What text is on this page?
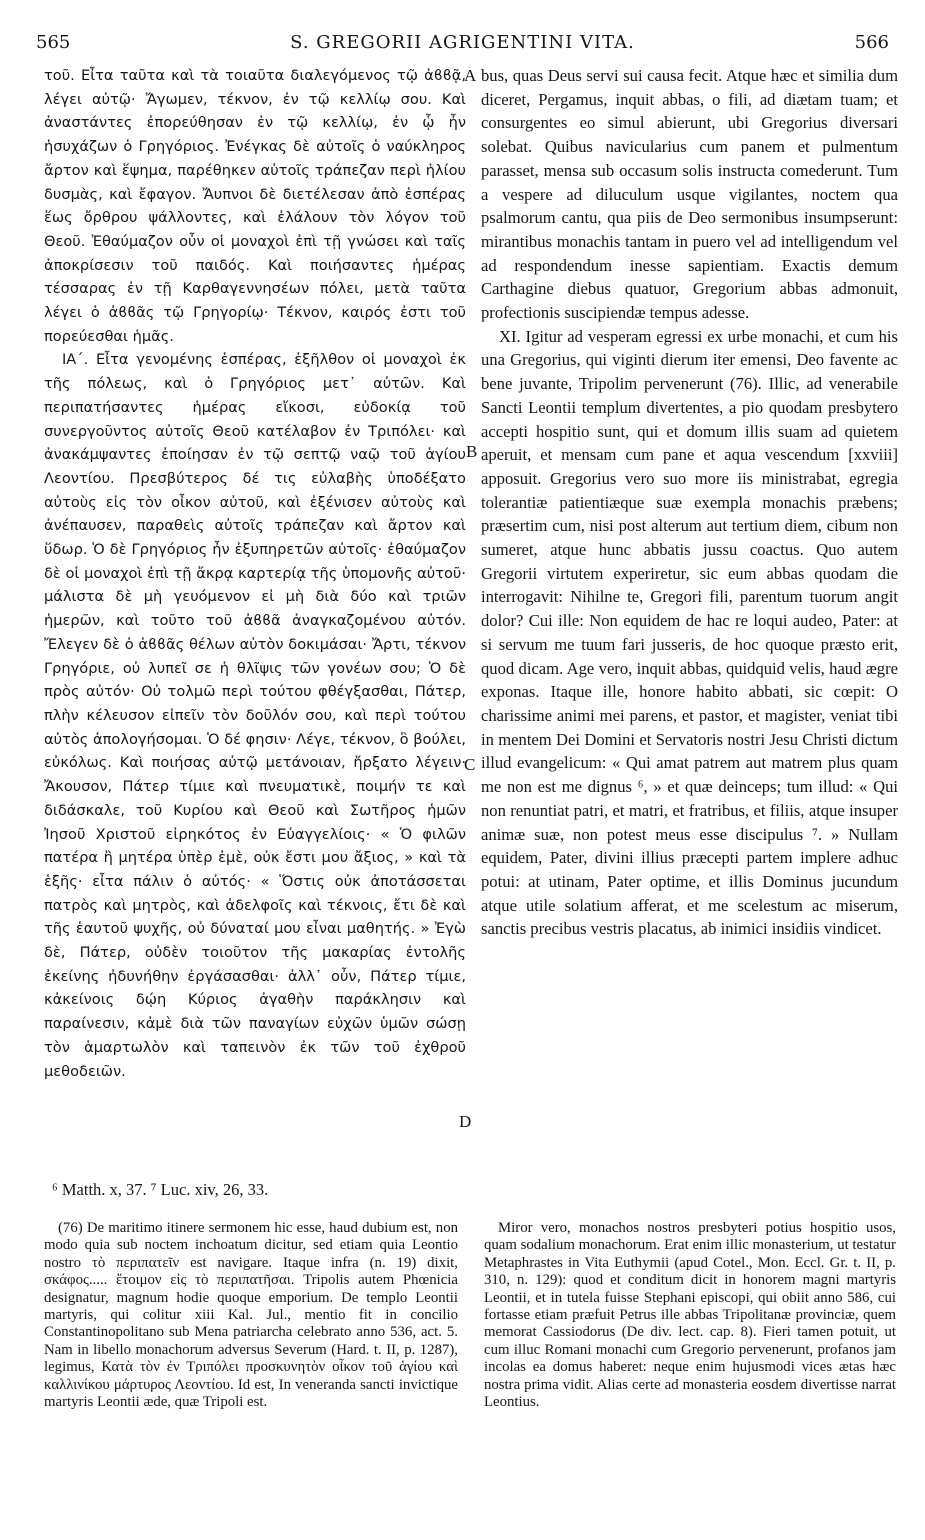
565	S. GREGORII AGRIGENTINI VITA.	566

τοῦ. Εἶτα ταῦτα καὶ τὰ τοιαῦτα διαλεγόμενος τῷ ἀϐϐᾷ, λέγει αὐτῷ· Ἄγωμεν, τέκνον, ἐν τῷ κελλίῳ σου. Καὶ ἀναστάντες ἐπορεύθησαν ἐν τῷ κελλίῳ, ἐν ᾧ ἦν ἡσυχάζων ὁ Γρηγόριος. Ἐνέγκας δὲ αὐτοῖς ὁ ναύκληρος ἄρτον καὶ ἕψημα, παρέθηκεν αὐτοῖς τράπεζαν περὶ ἡλίου δυσμὰς, καὶ ἔφαγον. Ἄυπνοι δὲ διετέλεσαν ἀπὸ ἑσπέρας ἕως ὄρθρου ψάλλοντες, καὶ ἐλάλουν τὸν λόγον τοῦ Θεοῦ. Ἐθαύμαζον οὖν οἱ μοναχοὶ ἐπὶ τῇ γνώσει καὶ ταῖς ἀποκρίσεσιν τοῦ παιδός. Καὶ ποιήσαντες ἡμέρας τέσσαρας ἐν τῇ Καρθαγεννησέων πόλει, μετὰ ταῦτα λέγει ὁ ἀϐϐᾶς τῷ Γρηγορίῳ· Τέκνον, καιρός ἐστι τοῦ πορεύεσθαι ἡμᾶς.

ΙΑ΄. Εἶτα γενομένης ἑσπέρας, ἐξῆλθον οἱ μοναχοὶ ἐκ τῆς πόλεως, καὶ ὁ Γρηγόριος μετ᾽ αὐτῶν. Καὶ περιπατήσαντες ἡμέρας εἴκοσι, εὐδοκίᾳ τοῦ συνεργοῦντος αὐτοῖς Θεοῦ κατέλαβον ἐν Τριπόλει· καὶ ἀνακάμψαντες ἐποίησαν ἐν τῷ σεπτῷ ναῷ τοῦ ἁγίου Λεοντίου. Πρεσβύτερος δέ τις εὐλαβὴς ὑποδέξατο αὐτοὺς εἰς τὸν οἶκον αὐτοῦ, καὶ ἐξένισεν αὐτοὺς καὶ ἀνέπαυσεν, παραθεὶς αὐτοῖς τράπεζαν καὶ ἄρτον καὶ ὕδωρ. Ὁ δὲ Γρηγόριος ἦν ἐξυπηρετῶν αὐτοῖς· ἐθαύμαζον δὲ οἱ μοναχοὶ ἐπὶ τῇ ἄκρᾳ καρτερίᾳ τῆς ὑπομονῆς αὐτοῦ· μάλιστα δὲ μὴ γευόμενον εἰ μὴ διὰ δύο καὶ τριῶν ἡμερῶν, καὶ τοῦτο τοῦ ἀϐϐᾶ ἀναγκαζομένου αὐτόν. Ἔλεγεν δὲ ὁ ἀϐϐᾶς θέλων αὐτὸν δοκιμάσαι· Ἄρτι, τέκνον Γρηγόριε, οὐ λυπεῖ σε ἡ θλῖψις τῶν γονέων σου; Ὁ δὲ πρὸς αὐτόν· Οὐ τολμῶ περὶ τούτου φθέγξασθαι, Πάτερ, πλὴν κέλευσον εἰπεῖν τὸν δοῦλόν σου, καὶ περὶ τούτου αὐτὸς ἀπολογήσομαι. Ὁ δέ φησιν· Λέγε, τέκνον, ὃ βούλει, εὐκόλως. Καὶ ποιήσας αὐτῷ μετάνοιαν, ἤρξατο λέγειν· Ἄκουσον, Πάτερ τίμιε καὶ πνευματικὲ, ποιμήν τε καὶ διδάσκαλε, τοῦ Κυρίου καὶ Θεοῦ καὶ Σωτῆρος ἡμῶν Ἰησοῦ Χριστοῦ εἰρηκότος ἐν Εὐαγγελίοις· « Ὁ φιλῶν πατέρα ἢ μητέρα ὑπὲρ ἐμὲ, οὐκ ἔστι μου ἄξιος, » καὶ τὰ ἑξῆς· εἶτα πάλιν ὁ αὐτός· « Ὅστις οὐκ ἀποτάσσεται πατρὸς καὶ μητρὸς, καὶ ἀδελφοῖς καὶ τέκνοις, ἔτι δὲ καὶ τῆς ἑαυτοῦ ψυχῆς, οὐ δύναταί μου εἶναι μαθητής. » Ἐγὼ δὲ, Πάτερ, οὐδὲν τοιοῦτον τῆς μακαρίας ἐντολῆς ἐκείνης ἠδυνήθην ἐργάσασθαι· ἀλλ᾽ οὖν, Πάτερ τίμιε, κἀκείνοις δῴη Κύριος ἀγαθὴν παράκλησιν καὶ παραίνεσιν, κἀμὲ διὰ τῶν παναγίων εὐχῶν ὑμῶν σώσῃ τὸν ἁμαρτωλὸν καὶ ταπεινὸν ἐκ τῶν τοῦ ἐχθροῦ μεθοδειῶν.

bus, quas Deus servi sui causa fecit. Atque hæc et similia dum diceret, Pergamus, inquit abbas, o fili, ad diætam tuam; et consurgentes eo simul abierunt, ubi Gregorius diversari solebat. Quibus navicularius cum panem et pulmentum parasset, mensa sub occasum solis instructa comederunt. Tum a vespere ad diluculum usque vigilantes, noctem qua psalmorum cantu, qua piis de Deo sermonibus insumpserunt: mirantibus monachis tantam in puero vel ad intelligendum vel ad respondendum inesse sapientiam. Exactis demum Carthagine diebus quatuor, Gregorium abbas admonuit, profectionis suscipiendæ tempus adesse.

XI. Igitur ad vesperam egressi ex urbe monachi, et cum his una Gregorius, qui viginti dierum iter emensi, Deo favente ac bene juvante, Tripolim pervenerunt (76). Illic, ad venerabile Sancti Leontii templum divertentes, a pio quodam presbytero accepti hospitio sunt, qui et domum illis suam ad quietem aperuit, et mensam cum pane et aqua vescendum [xxviii] apposuit. Gregorius vero suo more iis ministrabat, egregia tolerantiæ patientiæque suæ exempla monachis præbens; præsertim cum, nisi post alterum aut tertium diem, cibum non sumeret, atque hunc abbatis jussu coactus. Quo autem Gregorii virtutem experiretur, sic eum abbas quodam die interrogavit: Nihilne te, Gregori fili, parentum tuorum angit dolor? Cui ille: Non equidem de hac re loqui audeo, Pater: at si servum me tuum fari jusseris, de hoc quoque præsto erit, quod dicam. Age vero, inquit abbas, quidquid velis, haud ægre exponas. Itaque ille, honore habito abbati, sic cœpit: O charissime animi mei parens, et pastor, et magister, veniat tibi in mentem Dei Domini et Servatoris nostri Jesu Christi dictum illud evangelicum: « Qui amat patrem aut matrem plus quam me non est me dignus ⁶, » et quæ deinceps; tum illud: « Qui non renuntiat patri, et matri, et fratribus, et filiis, atque insuper animæ suæ, non potest meus esse discipulus ⁷. » Nullam equidem, Pater, divini illius præcepti partem implere adhuc potui: at utinam, Pater optime, et illis Dominus jucundum atque utile solatium afferat, et me scelestum ac miserum, sanctis precibus vestris placatus, ab inimici insidiis vindicet.

A
B
C
D
⁶ Matth. x, 37. ⁷ Luc. xiv, 26, 33.

(76) De maritimo itinere sermonem hic esse, haud dubium est, non modo quia sub noctem inchoatum dicitur, sed etiam quia Leontio nostro τὸ περιπατεῖν est navigare. Itaque infra (n. 19) dixit, σκάφος..... ἕτοιμον εἰς τὸ περιπατῆσαι. Tripolis autem Phœnicia designatur, magnum hodie quoque emporium. De templo Leontii martyris, qui colitur xiii Kal. Jul., mentio fit in concilio Constantinopolitano sub Mena patriarcha celebrato anno 536, act. 5. Nam in libello monachorum adversus Severum (Hard. t. II, p. 1287), legimus, Κατὰ τὸν ἐν Τριπόλει προσκυνητὸν οἶκον τοῦ ἁγίου καὶ καλλινίκου μάρτυρος Λεοντίου. Id est, In veneranda sancti invictique martyris Leontii æde, quæ Tripoli est.

Miror vero, monachos nostros presbyteri potius hospitio usos, quam sodalium monachorum. Erat enim illic monasterium, ut testatur Metaphrastes in Vita Euthymii (apud Cotel., Mon. Eccl. Gr. t. II, p. 310, n. 129): quod et conditum dicit in honorem magni martyris Leontii, et in tutela fuisse Stephani episcopi, qui obiit anno 586, cui fortasse etiam præfuit Petrus ille abbas Tripolitanæ provinciæ, quem memorat Cassiodorus (De div. lect. cap. 8). Fieri tamen potuit, ut cum illuc Romani monachi cum Gregorio pervenerunt, profanos jam incolas ea domus haberet: neque enim hujusmodi vices ætas hæc nostra prima vidit. Alias certe ad monasteria eosdem divertisse narrat Leontius.
